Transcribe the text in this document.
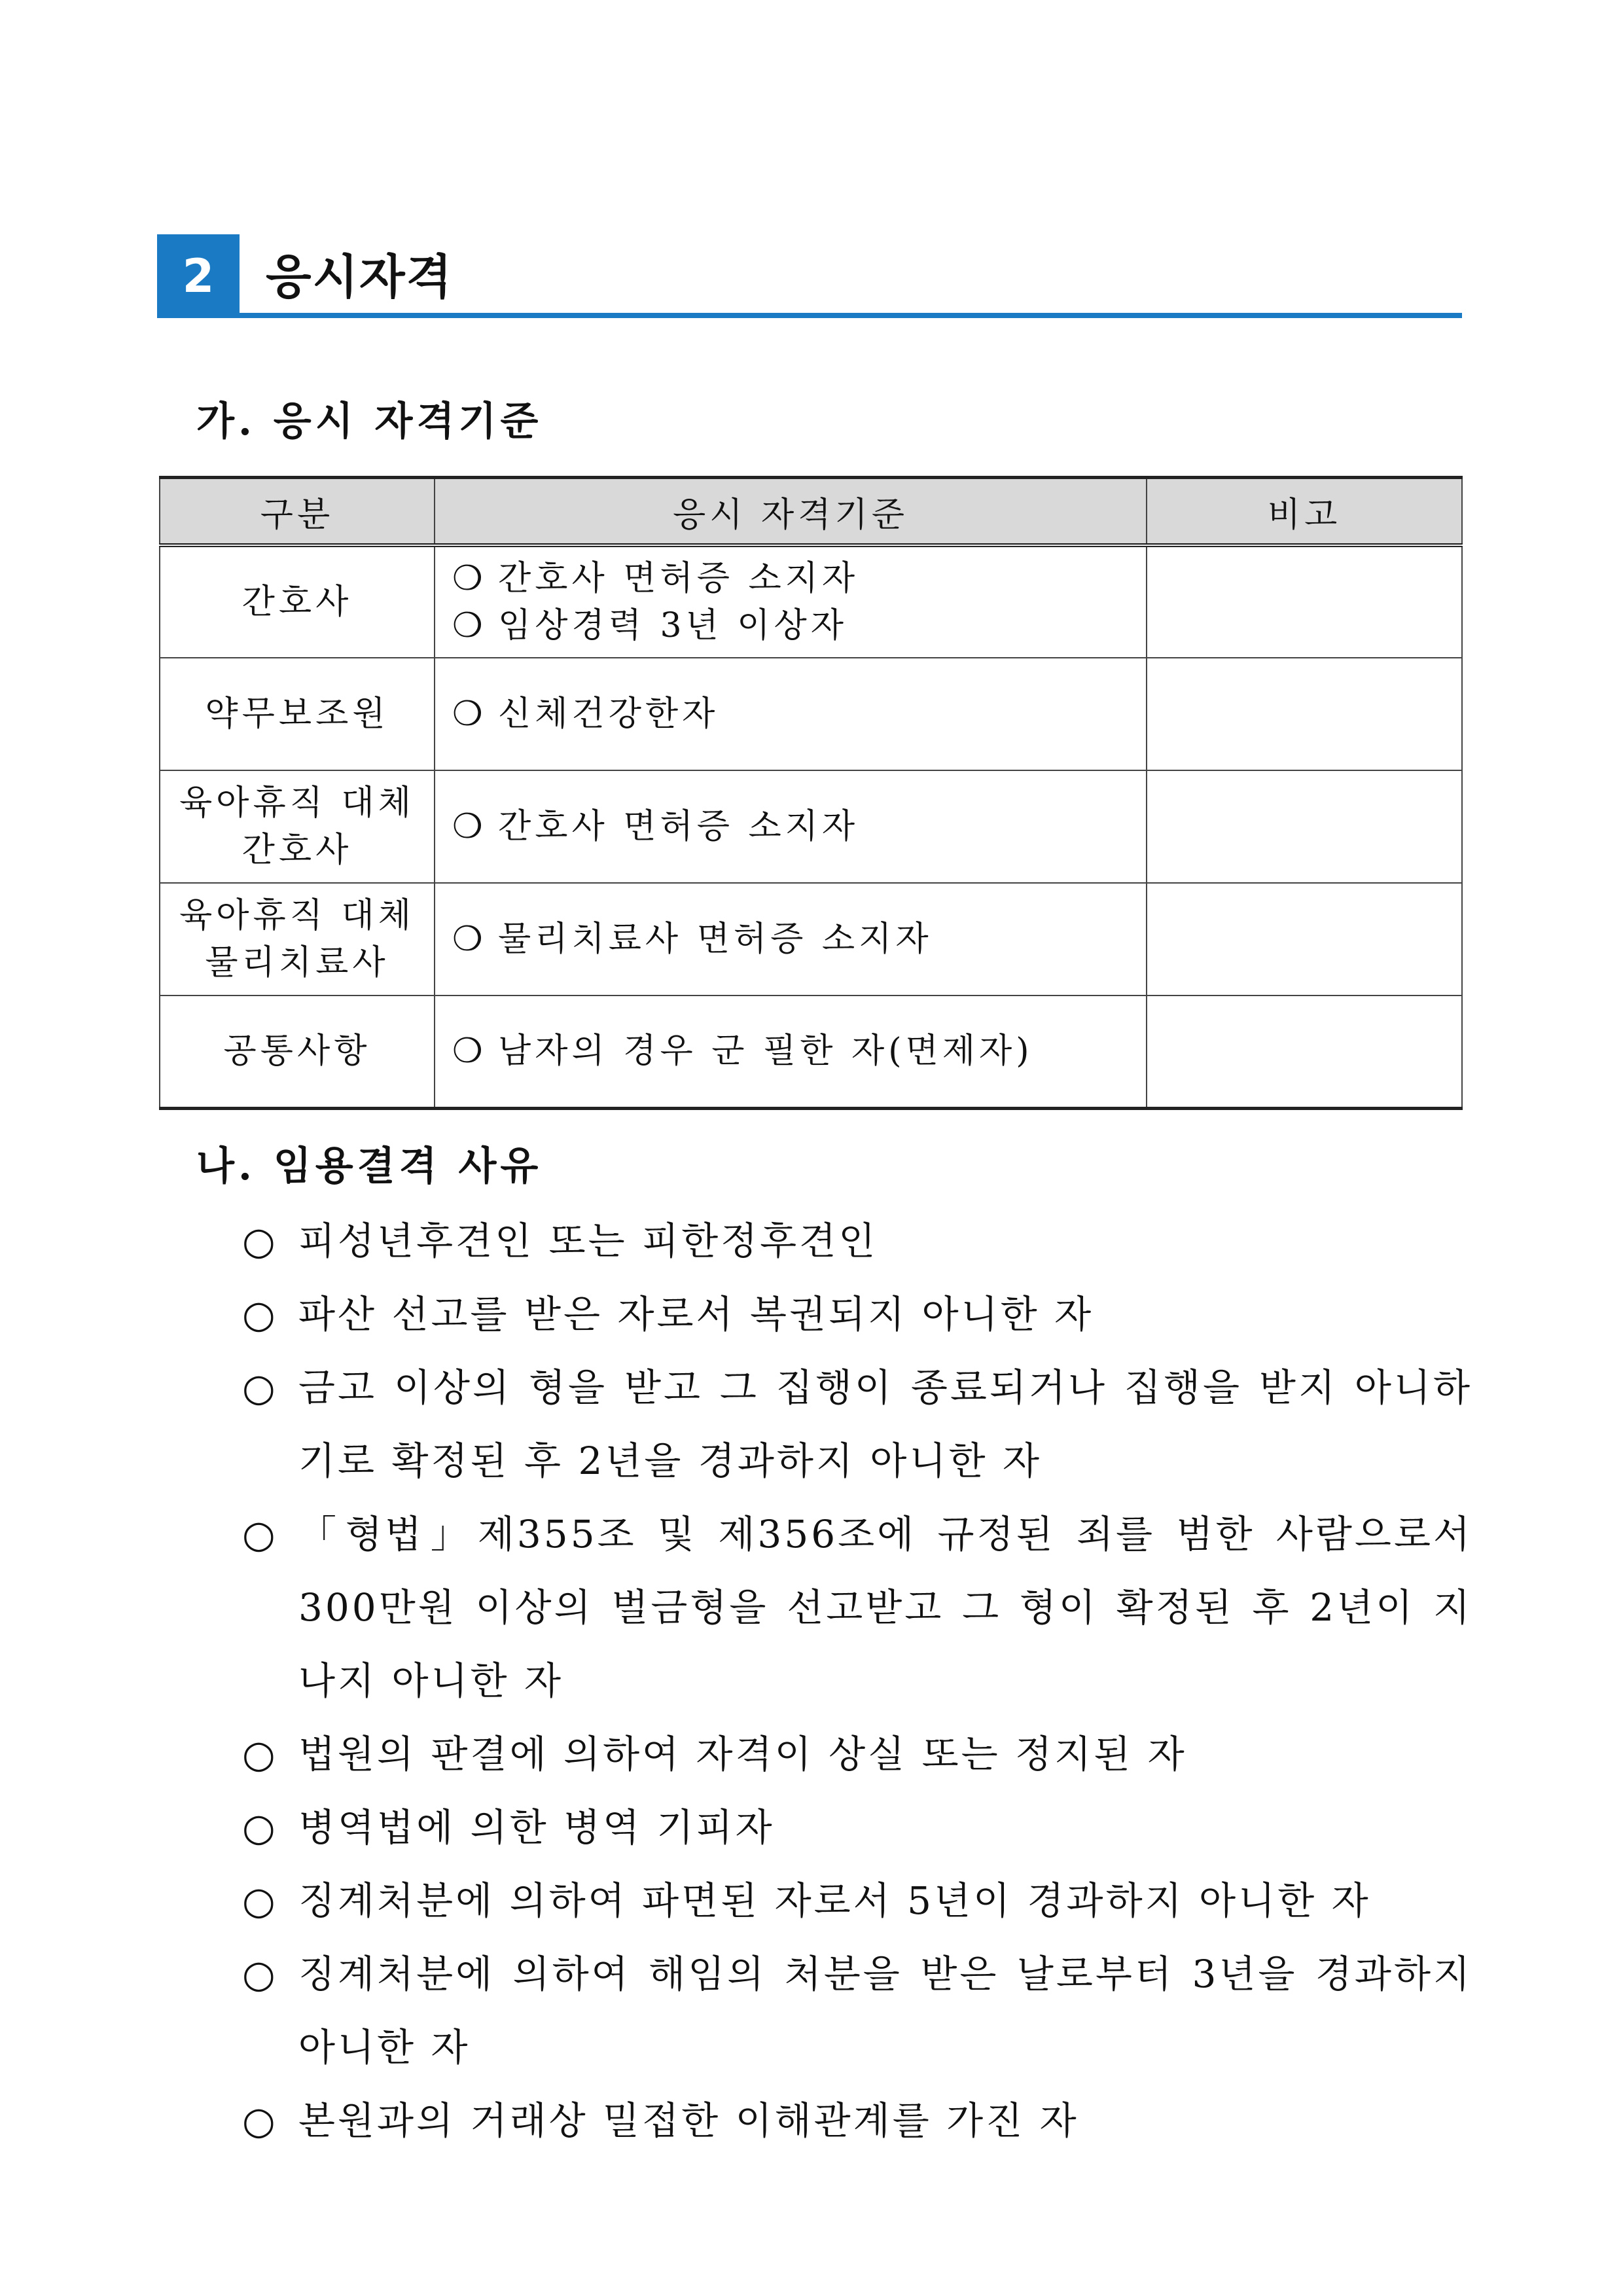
2	응시자격
가. 응시 자격기준
구분	응시 자격기준	비고

간호사	❍ 간호사 면허증 소지자
❍ 임상경력 3년 이상자	

약무보조원	❍ 신체건강한자	

육아휴직 대체
간호사	❍ 간호사 면허증 소지자	

육아휴직 대체
물리치료사	❍ 물리치료사 면허증 소지자	

공통사항	❍ 남자의 경우 군 필한 자(면제자)	

나. 임용결격 사유
○ 피성년후견인 또는 피한정후견인
○ 파산 선고를 받은 자로서 복권되지 아니한 자
○ 금고 이상의 형을 받고 그 집행이 종료되거나 집행을 받지 아니하기로 확정된 후 2년을 경과하지 아니한 자
○ 「형법」제355조 및 제356조에 규정된 죄를 범한 사람으로서 300만원 이상의 벌금형을 선고받고 그 형이 확정된 후 2년이 지나지 아니한 자
○ 법원의 판결에 의하여 자격이 상실 또는 정지된 자
○ 병역법에 의한 병역 기피자
○ 징계처분에 의하여 파면된 자로서 5년이 경과하지 아니한 자
○ 징계처분에 의하여 해임의 처분을 받은 날로부터 3년을 경과하지 아니한 자
○ 본원과의 거래상 밀접한 이해관계를 가진 자
